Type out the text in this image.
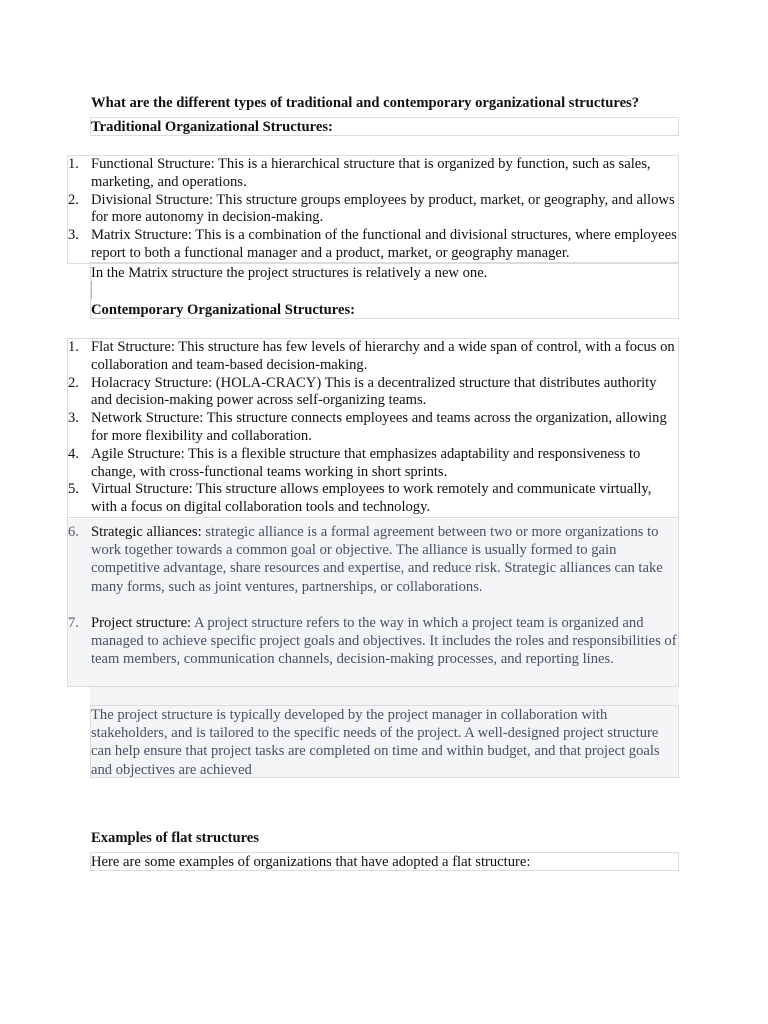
What are the different types of traditional and contemporary organizational structures?
Traditional Organizational Structures:
1. Functional Structure: This is a hierarchical structure that is organized by function, such as sales, marketing, and operations.
2. Divisional Structure: This structure groups employees by product, market, or geography, and allows for more autonomy in decision-making.
3. Matrix Structure: This is a combination of the functional and divisional structures, where employees report to both a functional manager and a product, market, or geography manager.
In the Matrix structure the project structures is relatively a new one.
Contemporary Organizational Structures:
1. Flat Structure: This structure has few levels of hierarchy and a wide span of control, with a focus on collaboration and team-based decision-making.
2. Holacracy Structure: (HOLA-CRACY) This is a decentralized structure that distributes authority and decision-making power across self-organizing teams.
3. Network Structure: This structure connects employees and teams across the organization, allowing for more flexibility and collaboration.
4. Agile Structure: This is a flexible structure that emphasizes adaptability and responsiveness to change, with cross-functional teams working in short sprints.
5. Virtual Structure: This structure allows employees to work remotely and communicate virtually, with a focus on digital collaboration tools and technology.
6. Strategic alliances: strategic alliance is a formal agreement between two or more organizations to work together towards a common goal or objective. The alliance is usually formed to gain competitive advantage, share resources and expertise, and reduce risk. Strategic alliances can take many forms, such as joint ventures, partnerships, or collaborations.
7. Project structure: A project structure refers to the way in which a project team is organized and managed to achieve specific project goals and objectives. It includes the roles and responsibilities of team members, communication channels, decision-making processes, and reporting lines.
The project structure is typically developed by the project manager in collaboration with stakeholders, and is tailored to the specific needs of the project. A well-designed project structure can help ensure that project tasks are completed on time and within budget, and that project goals and objectives are achieved
Examples of flat structures
Here are some examples of organizations that have adopted a flat structure:
